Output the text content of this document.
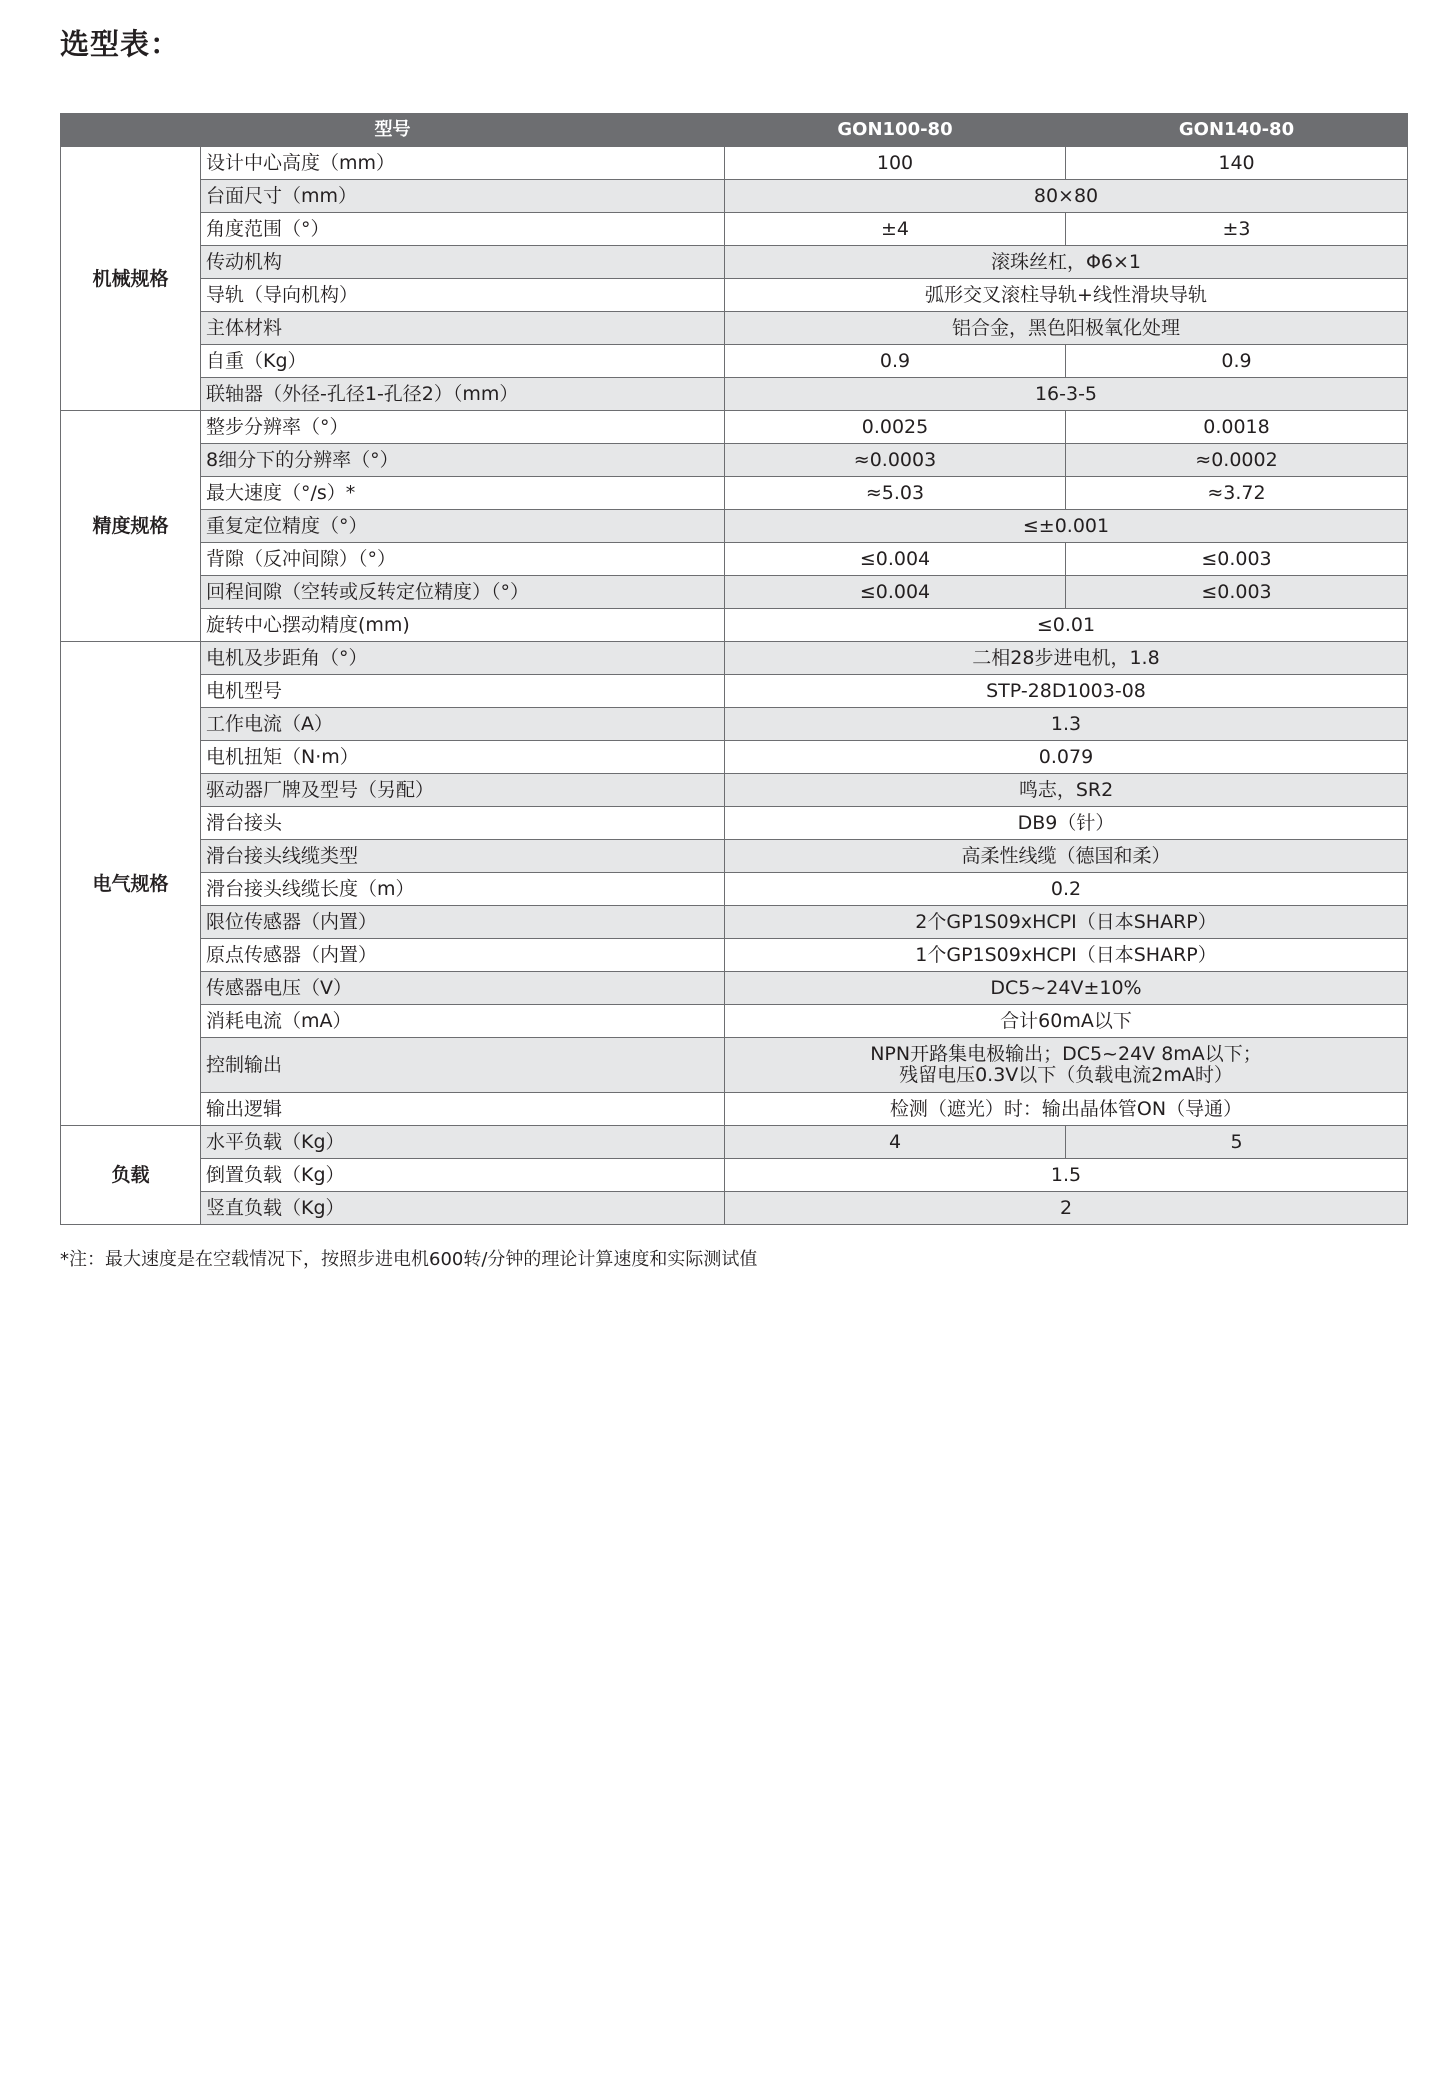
选型表：
型号		GON100-80	GON140-80
机械规格	设计中心高度（mm）	100	140
	台面尺寸（mm）	80×80	
	角度范围（°）	±4	±3
	传动机构	滚珠丝杠，Φ6×1	
	导轨（导向机构）	弧形交叉滚柱导轨+线性滑块导轨	
	主体材料	铝合金，黑色阳极氧化处理	
	自重（Kg）	0.9	0.9
	联轴器（外径-孔径1-孔径2）（mm）	16-3-5	
精度规格	整步分辨率（°）	0.0025	0.0018
	8细分下的分辨率（°）	≈0.0003	≈0.0002
	最大速度（°/s）*	≈5.03	≈3.72
	重复定位精度（°）	≤±0.001	
	背隙（反冲间隙）（°）	≤0.004	≤0.003
	回程间隙（空转或反转定位精度）（°）	≤0.004	≤0.003
	旋转中心摆动精度(mm)	≤0.01	
电气规格	电机及步距角（°）	二相28步进电机，1.8	
	电机型号	STP-28D1003-08	
	工作电流（A）	1.3	
	电机扭矩（N·m）	0.079	
	驱动器厂牌及型号（另配）	鸣志，SR2	
	滑台接头	DB9（针）	
	滑台接头线缆类型	高柔性线缆（德国和柔）	
	滑台接头线缆长度（m）	0.2	
	限位传感器（内置）	2个GP1S09xHCPI（日本SHARP）	
	原点传感器（内置）	1个GP1S09xHCPI（日本SHARP）	
	传感器电压（V）	DC5~24V±10%	
	消耗电流（mA）	合计60mA以下	
	控制输出	NPN开路集电极输出；DC5~24V 8mA以下；
残留电压0.3V以下（负载电流2mA时）	

	输出逻辑	检测（遮光）时：输出晶体管ON（导通）	
负载	水平负载（Kg）	4	5
	倒置负载（Kg）	1.5	
	竖直负载（Kg）	2	

*注：最大速度是在空载情况下，按照步进电机600转/分钟的理论计算速度和实际测试值
